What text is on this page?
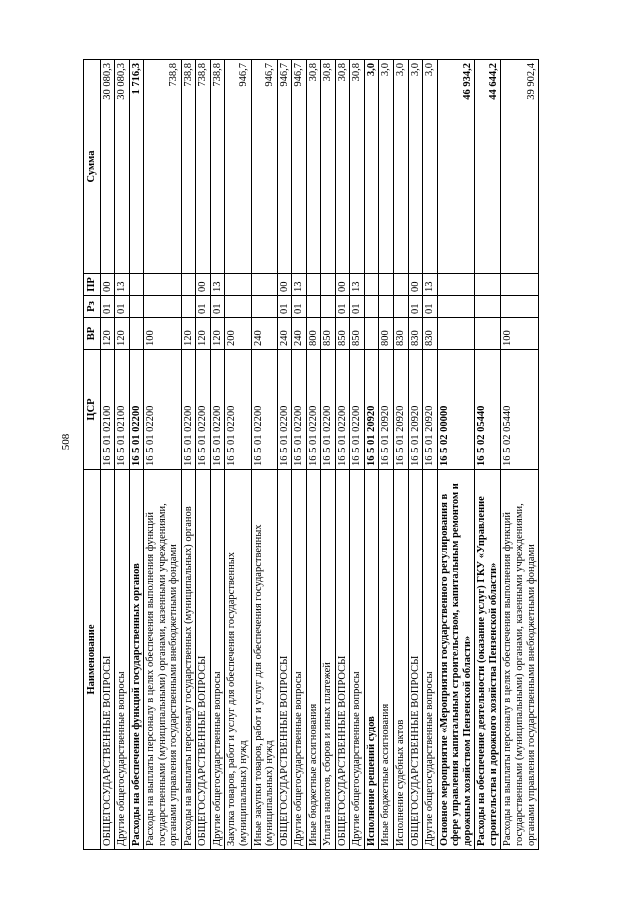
508
Наименование	ЦСР	ВР	Рз	ПР	Сумма
ОБЩЕГОСУДАРСТВЕННЫЕ ВОПРОСЫ	16 5 01 02100	120	01	00	30 080,3
Другие общегосударственные вопросы	16 5 01 02100	120	01	13	30 080,3
Расходы на обеспечение функций государственных органов	16 5 01 02200				1 716,3
Расходы на выплаты персоналу в целях обеспечения выполнения функций государственными (муниципальными) органами, казенными учреждениями, органами управления государственными внебюджетными фондами	16 5 01 02200	100			738,8
Расходы на выплаты персоналу государственных (муниципальных) органов	16 5 01 02200	120			738,8
ОБЩЕГОСУДАРСТВЕННЫЕ ВОПРОСЫ	16 5 01 02200	120	01	00	738,8
Другие общегосударственные вопросы	16 5 01 02200	120	01	13	738,8
Закупка товаров, работ и услуг для обеспечения государственных (муниципальных) нужд	16 5 01 02200	200			946,7
Иные закупки товаров, работ и услуг для обеспечения государственных (муниципальных) нужд	16 5 01 02200	240			946,7
ОБЩЕГОСУДАРСТВЕННЫЕ ВОПРОСЫ	16 5 01 02200	240	01	00	946,7
Другие общегосударственные вопросы	16 5 01 02200	240	01	13	946,7
Иные бюджетные ассигнования	16 5 01 02200	800			30,8
Уплата налогов, сборов и иных платежей	16 5 01 02200	850			30,8
ОБЩЕГОСУДАРСТВЕННЫЕ ВОПРОСЫ	16 5 01 02200	850	01	00	30,8
Другие общегосударственные вопросы	16 5 01 02200	850	01	13	30,8
Исполнение решений судов	16 5 01 20920				3,0
Иные бюджетные ассигнования	16 5 01 20920	800			3,0
Исполнение судебных актов	16 5 01 20920	830			3,0
ОБЩЕГОСУДАРСТВЕННЫЕ ВОПРОСЫ	16 5 01 20920	830	01	00	3,0
Другие общегосударственные вопросы	16 5 01 20920	830	01	13	3,0
Основное мероприятие «Мероприятия государственного регулирования в сфере управления капитальным строительством, капитальным ремонтом и дорожным хозяйством Пензенской области»	16 5 02 00000				46 934,2
Расходы на обеспечение деятельности (оказание услуг) ГКУ «Управление строительства и дорожного хозяйства Пензенской области»	16 5 02 05440				44 644,2
Расходы на выплаты персоналу в целях обеспечения выполнения функций государственными (муниципальными) органами, казенными учреждениями, органами управления государственными внебюджетными фондами	16 5 02 05440	100			39 902,4
